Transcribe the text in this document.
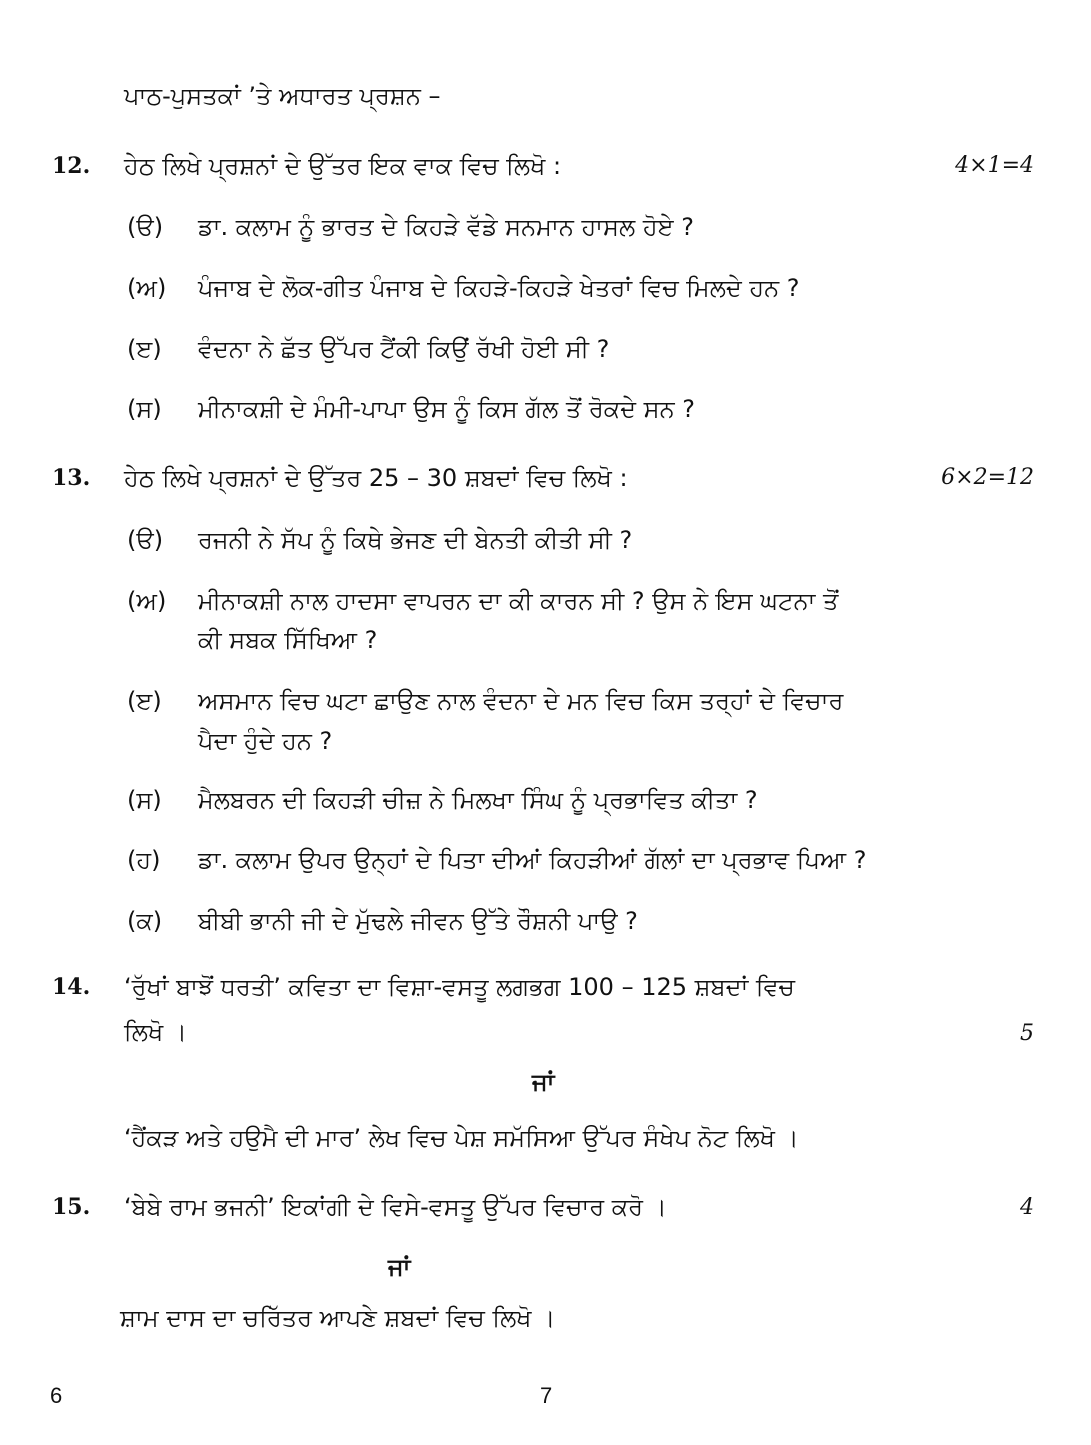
ਪਾਠ-ਪੁਸਤਕਾਂ ’ਤੇ ਅਧਾਰਤ ਪ੍ਰਸ਼ਨ –
12. ਹੇਠ ਲਿਖੇ ਪ੍ਰਸ਼ਨਾਂ ਦੇ ਉੱਤਰ ਇਕ ਵਾਕ ਵਿਚ ਲਿਖੋ :	4×1=4
(ੳ) ਡਾ. ਕਲਾਮ ਨੂੰ ਭਾਰਤ ਦੇ ਕਿਹੜੇ ਵੱਡੇ ਸਨਮਾਨ ਹਾਸਲ ਹੋਏ ?
(ਅ) ਪੰਜਾਬ ਦੇ ਲੋਕ-ਗੀਤ ਪੰਜਾਬ ਦੇ ਕਿਹੜੇ-ਕਿਹੜੇ ਖੇਤਰਾਂ ਵਿਚ ਮਿਲਦੇ ਹਨ ?
(ੲ) ਵੰਦਨਾ ਨੇ ਛੱਤ ਉੱਪਰ ਟੈਂਕੀ ਕਿਉਂ ਰੱਖੀ ਹੋਈ ਸੀ ?
(ਸ) ਮੀਨਾਕਸ਼ੀ ਦੇ ਮੰਮੀ-ਪਾਪਾ ਉਸ ਨੂੰ ਕਿਸ ਗੱਲ ਤੋਂ ਰੋਕਦੇ ਸਨ ?
13. ਹੇਠ ਲਿਖੇ ਪ੍ਰਸ਼ਨਾਂ ਦੇ ਉੱਤਰ 25 – 30 ਸ਼ਬਦਾਂ ਵਿਚ ਲਿਖੋ :	6×2=12
(ੳ) ਰਜਨੀ ਨੇ ਸੱਪ ਨੂੰ ਕਿਥੇ ਭੇਜਣ ਦੀ ਬੇਨਤੀ ਕੀਤੀ ਸੀ ?
(ਅ) ਮੀਨਾਕਸ਼ੀ ਨਾਲ ਹਾਦਸਾ ਵਾਪਰਨ ਦਾ ਕੀ ਕਾਰਨ ਸੀ ? ਉਸ ਨੇ ਇਸ ਘਟਨਾ ਤੋਂ
ਕੀ ਸਬਕ ਸਿੱਖਿਆ ?
(ੲ) ਅਸਮਾਨ ਵਿਚ ਘਟਾ ਛਾਉਣ ਨਾਲ ਵੰਦਨਾ ਦੇ ਮਨ ਵਿਚ ਕਿਸ ਤਰ੍ਹਾਂ ਦੇ ਵਿਚਾਰ
ਪੈਦਾ ਹੁੰਦੇ ਹਨ ?
(ਸ) ਮੈਲਬਰਨ ਦੀ ਕਿਹੜੀ ਚੀਜ਼ ਨੇ ਮਿਲਖਾ ਸਿੰਘ ਨੂੰ ਪ੍ਰਭਾਵਿਤ ਕੀਤਾ ?
(ਹ) ਡਾ. ਕਲਾਮ ਉਪਰ ਉਨ੍ਹਾਂ ਦੇ ਪਿਤਾ ਦੀਆਂ ਕਿਹੜੀਆਂ ਗੱਲਾਂ ਦਾ ਪ੍ਰਭਾਵ ਪਿਆ ?
(ਕ) ਬੀਬੀ ਭਾਨੀ ਜੀ ਦੇ ਮੁੱਢਲੇ ਜੀਵਨ ਉੱਤੇ ਰੌਸ਼ਨੀ ਪਾਉ ?
14. ‘ਰੁੱਖਾਂ ਬਾਝੋਂ ਧਰਤੀ’ ਕਵਿਤਾ ਦਾ ਵਿਸ਼ਾ-ਵਸਤੂ ਲਗਭਗ 100 – 125 ਸ਼ਬਦਾਂ ਵਿਚ
ਲਿਖੋ ।	5
ਜਾਂ
‘ਹੈਂਕੜ ਅਤੇ ਹਉਮੈ ਦੀ ਮਾਰ’ ਲੇਖ ਵਿਚ ਪੇਸ਼ ਸਮੱਸਿਆ ਉੱਪਰ ਸੰਖੇਪ ਨੋਟ ਲਿਖੋ ।
15. ‘ਬੇਬੇ ਰਾਮ ਭਜਨੀ’ ਇਕਾਂਗੀ ਦੇ ਵਿਸੇ-ਵਸਤੂ ਉੱਪਰ ਵਿਚਾਰ ਕਰੋ ।	4
ਜਾਂ
ਸ਼ਾਮ ਦਾਸ ਦਾ ਚਰਿੱਤਰ ਆਪਣੇ ਸ਼ਬਦਾਂ ਵਿਚ ਲਿਖੋ ।
6	7
